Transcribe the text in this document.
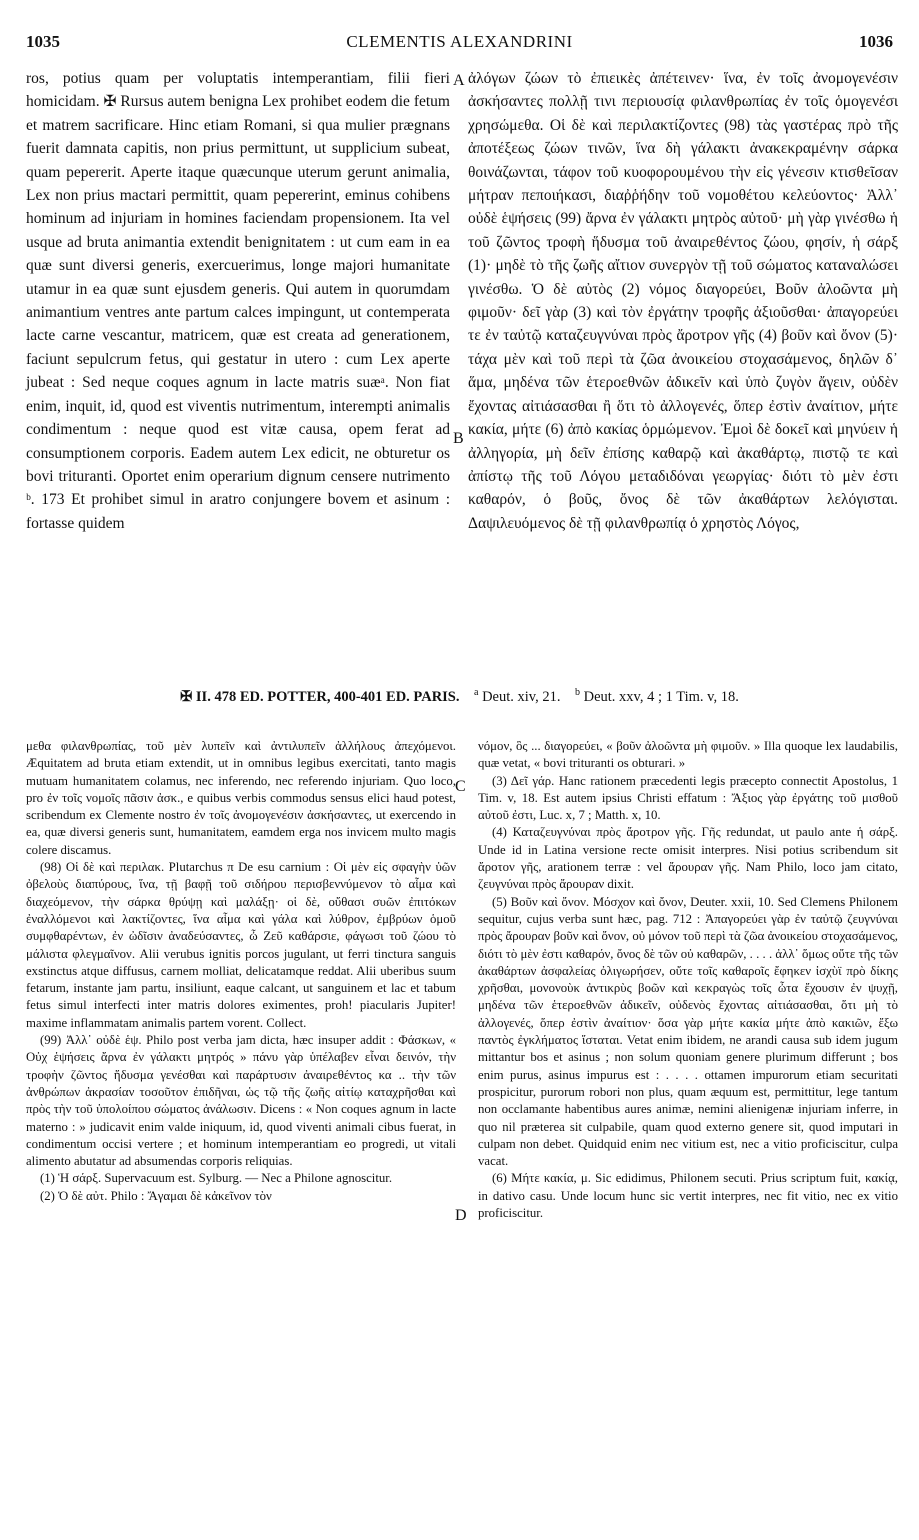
1035	CLEMENTIS ALEXANDRINI	1036

ros, potius quam per voluptatis intemperantiam, filii fieri homicidam. ✠ Rursus autem benigna Lex prohibet eodem die fetum et matrem sacrificare. Hinc etiam Romani, si qua mulier prægnans fuerit damnata capitis, non prius permittunt, ut supplicium subeat, quam pepererit. Aperte itaque quæcunque uterum gerunt animalia, Lex non prius mactari permittit, quam pepererint, eminus cohibens hominum ad injuriam in homines faciendam propensionem. Ita vel usque ad bruta animantia extendit benignitatem : ut cum eam in ea quæ sunt diversi generis, exercuerimus, longe majori humanitate utamur in ea quæ sunt ejusdem generis. Qui autem in quorumdam animantium ventres ante partum calces impingunt, ut contemperata lacte carne vescantur, matricem, quæ est creata ad generationem, faciunt sepulcrum fetus, qui gestatur in utero : cum Lex aperte jubeat : Sed neque coques agnum in lacte matris suæᵃ. Non fiat enim, inquit, id, quod est viventis nutrimentum, interempti animalis condimentum : neque quod est vitæ causa, opem ferat ad consumptionem corporis. Eadem autem Lex edicit, ne obturetur os bovi trituranti. Oportet enim operarium dignum censere nutrimento ᵇ. 173 Et prohibet simul in aratro conjungere bovem et asinum : fortasse quidem

ἀλόγων ζώων τὸ ἐπιεικὲς ἀπέτεινεν· ἵνα, ἐν τοῖς ἀνομογενέσιν ἀσκήσαντες πολλῇ τινι περιουσίᾳ φιλανθρωπίας ἐν τοῖς ὁμογενέσι χρησώμεθα. Οἱ δὲ καὶ περιλακτίζοντες (98) τὰς γαστέρας πρὸ τῆς ἀποτέξεως ζώων τινῶν, ἵνα δὴ γάλακτι ἀνακεκραμένην σάρκα θοινάζωνται, τάφον τοῦ κυοφορουμένου τὴν εἰς γένεσιν κτισθεῖσαν μήτραν πεποιήκασι, διαῤῥήδην τοῦ νομοθέτου κελεύοντος· Ἀλλ᾽ οὐδὲ ἑψήσεις (99) ἄρνα ἐν γάλακτι μητρὸς αὐτοῦ· μὴ γὰρ γινέσθω ἡ τοῦ ζῶντος τροφὴ ἥδυσμα τοῦ ἀναιρεθέντος ζώου, φησίν, ἡ σάρξ (1)· μηδὲ τὸ τῆς ζωῆς αἴτιον συνεργὸν τῇ τοῦ σώματος καταναλώσει γινέσθω. Ὁ δὲ αὐτὸς (2) νόμος διαγορεύει, Βοῦν ἀλοῶντα μὴ φιμοῦν· δεῖ γὰρ (3) καὶ τὸν ἐργάτην τροφῆς ἀξιοῦσθαι· ἀπαγορεύει τε ἐν ταὐτῷ καταζευγνύναι πρὸς ἄροτρον γῆς (4) βοῦν καὶ ὄνον (5)· τάχα μὲν καὶ τοῦ περὶ τὰ ζῶα ἀνοικείου στοχασάμενος, δηλῶν δ᾽ ἅμα, μηδένα τῶν ἑτεροεθνῶν ἀδικεῖν καὶ ὑπὸ ζυγὸν ἄγειν, οὐδὲν ἔχοντας αἰτιάσασθαι ἢ ὅτι τὸ ἀλλογενές, ὅπερ ἐστὶν ἀναίτιον, μήτε κακία, μήτε (6) ἀπὸ κακίας ὁρμώμενον. Ἐμοὶ δὲ δοκεῖ καὶ μηνύειν ἡ ἀλληγορία, μὴ δεῖν ἐπίσης καθαρῷ καὶ ἀκαθάρτῳ, πιστῷ τε καὶ ἀπίστῳ τῆς τοῦ Λόγου μεταδιδόναι γεωργίας· διότι τὸ μὲν ἐστι καθαρόν, ὁ βοῦς, ὄνος δὲ τῶν ἀκαθάρτων λελόγισται. Δαψιλευόμενος δὲ τῇ φιλανθρωπίᾳ ὁ χρηστὸς Λόγος,

A
B
C
D
✠ II. 478 ED. POTTER, 400-401 ED. PARIS. $^a$ Deut. xiv, 21. $^b$ Deut. xxv, 4 ; 1 Tim. v, 18.

μεθα φιλανθρωπίας, τοῦ μὲν λυπεῖν καὶ ἀντιλυπεῖν ἀλλήλους ἀπεχόμενοι. Æquitatem ad bruta etiam extendit, ut in omnibus legibus exercitati, tanto magis mutuam humanitatem colamus, nec inferendo, nec referendo injuriam. Quo loco, pro ἐν τοῖς νομοῖς πᾶσιν ἀσκ., e quibus verbis commodus sensus elici haud potest, scribendum ex Clemente nostro ἐν τοῖς ἀνομογενέσιν ἀσκήσαντες, ut exercendo in ea, quæ diversi generis sunt, humanitatem, eamdem erga nos invicem multo magis colere discamus.

(98) Οἱ δὲ καὶ περιλακ. Plutarchus π De esu carnium : Οἱ μὲν εἰς σφαγὴν ὑῶν ὀβελοὺς διαπύρους, ἵνα, τῇ βαφῇ τοῦ σιδήρου περισβεννύμενον τὸ αἷμα καὶ διαχεόμενον, τὴν σάρκα θρύψῃ καὶ μαλάξῃ· οἱ δὲ, οὔθασι συῶν ἐπιτόκων ἐναλλόμενοι καὶ λακτίζοντες, ἵνα αἷμα καὶ γάλα καὶ λύθρον, ἐμβρύων ὁμοῦ συμφθαρέντων, ἐν ὠδῖσιν ἀναδεύσαντες, ὦ Ζεῦ καθάρσιε, φάγωσι τοῦ ζώου τὸ μάλιστα φλεγμαῖνον. Alii verubus ignitis porcos jugulant, ut ferri tinctura sanguis exstinctus atque diffusus, carnem molliat, delicatamque reddat. Alii uberibus suum fetarum, instante jam partu, insiliunt, eaque calcant, ut sanguinem et lac et tabum fetus simul interfecti inter matris dolores eximentes, proh! piacularis Jupiter! maxime inflammatam animalis partem vorent. Collect.

(99) Ἀλλ᾽ οὐδὲ ἑψ. Philo post verba jam dicta, hæc insuper addit : Φάσκων, « Οὐχ ἑψήσεις ἄρνα ἐν γάλακτι μητρός » πάνυ γὰρ ὑπέλαβεν εἶναι δεινόν, τὴν τροφὴν ζῶντος ἥδυσμα γενέσθαι καὶ παράρτυσιν ἀναιρεθέντος κα .. τὴν τῶν ἀνθρώπων ἀκρασίαν τοσοῦτον ἐπιδῆναι, ὡς τῷ τῆς ζωῆς αἰτίῳ καταχρῆσθαι καὶ πρὸς τὴν τοῦ ὑπολοίπου σώματος ἀνάλωσιν. Dicens : « Non coques agnum in lacte materno : » judicavit enim valde iniquum, id, quod viventi animali cibus fuerat, in condimentum occisi vertere ; et hominum intemperantiam eo progredi, ut vitali alimento abutatur ad absumendas corporis reliquias.

(1) Ἡ σάρξ. Supervacuum est. Sylburg. — Nec a Philone agnoscitur.

(2) Ὁ δὲ αὐτ. Philo : Ἄγαμαι δὲ κἀκεῖνον τὸν

νόμον, ὃς ... διαγορεύει, « βοῦν ἀλοῶντα μὴ φιμοῦν. » Illa quoque lex laudabilis, quæ vetat, « bovi trituranti os obturari. »

(3) Δεῖ γάρ. Hanc rationem præcedenti legis præcepto connectit Apostolus, 1 Tim. v, 18. Est autem ipsius Christi effatum : Ἄξιος γὰρ ἐργάτης τοῦ μισθοῦ αὐτοῦ ἐστι, Luc. x, 7 ; Matth. x, 10.

(4) Καταζευγνύναι πρὸς ἄροτρον γῆς. Γῆς redundat, ut paulo ante ἡ σάρξ. Unde id in Latina versione recte omisit interpres. Nisi potius scribendum sit ἄροτον γῆς, arationem terræ : vel ἄρουραν γῆς. Nam Philo, loco jam citato, ζευγνύναι πρὸς ἄρουραν dixit.

(5) Βοῦν καὶ ὄνον. Μόσχον καὶ ὄνον, Deuter. xxii, 10. Sed Clemens Philonem sequitur, cujus verba sunt hæc, pag. 712 : Ἀπαγορεύει γὰρ ἐν ταὐτῷ ζευγνύναι πρὸς ἄρουραν βοῦν καὶ ὄνον, οὐ μόνον τοῦ περὶ τὰ ζῶα ἀνοικείου στοχασάμενος, διότι τὸ μὲν ἐστι καθαρόν, ὄνος δὲ τῶν οὐ καθαρῶν, . . . . ἀλλ᾽ ὅμως οὔτε τῆς τῶν ἀκαθάρτων ἀσφαλείας ὀλιγωρήσεν, οὔτε τοῖς καθαροῖς ἔφηκεν ἰσχὺϊ πρὸ δίκης χρῆσθαι, μονονοὺκ ἀντικρὺς βοῶν καὶ κεκραγὼς τοῖς ὦτα ἔχουσιν ἐν ψυχῇ, μηδένα τῶν ἑτεροεθνῶν ἀδικεῖν, οὐδενὸς ἔχοντας αἰτιάσασθαι, ὅτι μὴ τὸ ἀλλογενές, ὅπερ ἐστὶν ἀναίτιον· ὅσα γὰρ μήτε κακία μήτε ἀπὸ κακιῶν, ἔξω παντὸς ἐγκλήματος ἵσταται. Vetat enim ibidem, ne arandi causa sub idem jugum mittantur bos et asinus ; non solum quoniam genere plurimum differunt ; bos enim purus, asinus impurus est : . . . . ottamen impurorum etiam securitati prospicitur, purorum robori non plus, quam æquum est, permittitur, lege tantum non occlamante habentibus aures animæ, nemini alienigenæ injuriam inferre, in quo nil præterea sit culpabile, quam quod externo genere sit, quod imputari in culpam non debet. Quidquid enim nec vitium est, nec a vitio proficiscitur, culpa vacat.

(6) Μήτε κακία, μ. Sic edidimus, Philonem secuti. Prius scriptum fuit, κακίᾳ, in dativo casu. Unde locum hunc sic vertit interpres, nec fit vitio, nec ex vitio proficiscitur.
